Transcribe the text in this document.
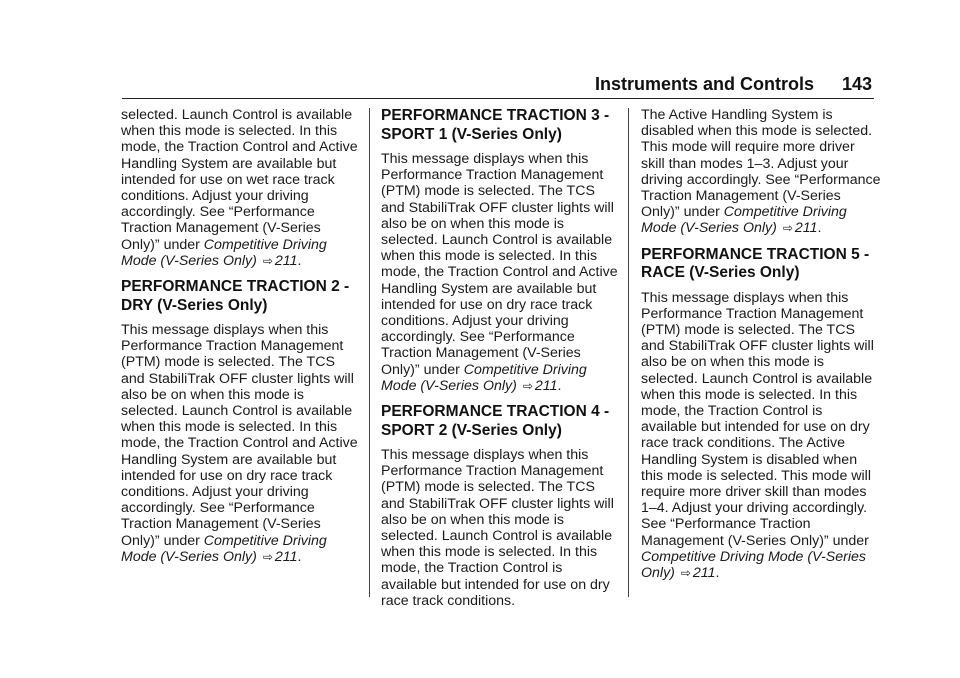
Instruments and Controls 143

selected. Launch Control is available when this mode is selected. In this mode, the Traction Control and Active Handling System are available but intended for use on wet race track conditions. Adjust your driving accordingly. See “Performance Traction Management (V-Series Only)” under Competitive Driving Mode (V-Series Only) ⇨ 211.

PERFORMANCE TRACTION 2 - DRY (V-Series Only)

This message displays when this Performance Traction Management (PTM) mode is selected. The TCS and StabiliTrak OFF cluster lights will also be on when this mode is selected. Launch Control is available when this mode is selected. In this mode, the Traction Control and Active Handling System are available but intended for use on dry race track conditions. Adjust your driving accordingly. See “Performance Traction Management (V-Series Only)” under Competitive Driving Mode (V-Series Only) ⇨ 211.

PERFORMANCE TRACTION 3 - SPORT 1 (V-Series Only)

This message displays when this Performance Traction Management (PTM) mode is selected. The TCS and StabiliTrak OFF cluster lights will also be on when this mode is selected. Launch Control is available when this mode is selected. In this mode, the Traction Control and Active Handling System are available but intended for use on dry race track conditions. Adjust your driving accordingly. See “Performance Traction Management (V-Series Only)” under Competitive Driving Mode (V-Series Only) ⇨ 211.

PERFORMANCE TRACTION 4 - SPORT 2 (V-Series Only)

This message displays when this Performance Traction Management (PTM) mode is selected. The TCS and StabiliTrak OFF cluster lights will also be on when this mode is selected. Launch Control is available when this mode is selected. In this mode, the Traction Control is available but intended for use on dry race track conditions.

The Active Handling System is disabled when this mode is selected. This mode will require more driver skill than modes 1–3. Adjust your driving accordingly. See “Performance Traction Management (V-Series Only)” under Competitive Driving Mode (V-Series Only) ⇨ 211.

PERFORMANCE TRACTION 5 - RACE (V-Series Only)

This message displays when this Performance Traction Management (PTM) mode is selected. The TCS and StabiliTrak OFF cluster lights will also be on when this mode is selected. Launch Control is available when this mode is selected. In this mode, the Traction Control is available but intended for use on dry race track conditions. The Active Handling System is disabled when this mode is selected. This mode will require more driver skill than modes 1–4. Adjust your driving accordingly. See “Performance Traction Management (V-Series Only)” under Competitive Driving Mode (V-Series Only) ⇨ 211.
